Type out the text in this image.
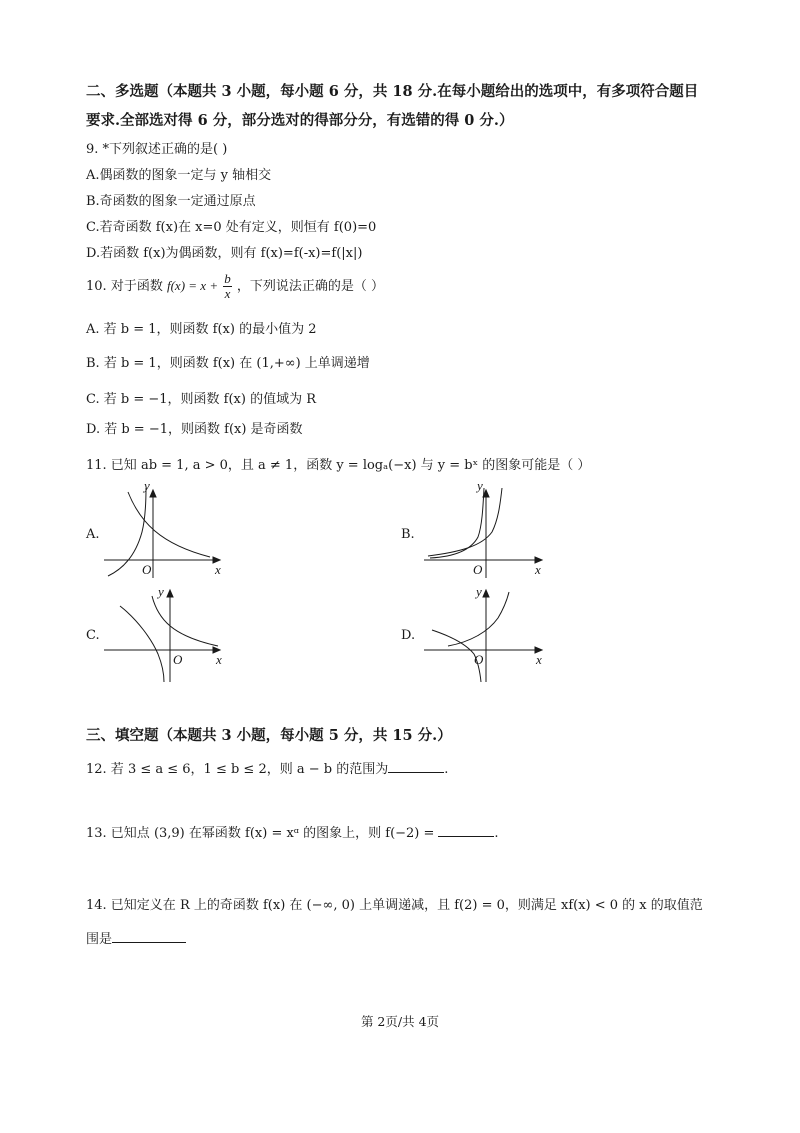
二、多选题（本题共 3 小题，每小题 6 分，共 18 分.在每小题给出的选项中，有多项符合题目
要求.全部选对得 6 分，部分选对的得部分分，有选错的得 0 分.）
9. *下列叙述正确的是( )
A.偶函数的图象一定与 y 轴相交
B.奇函数的图象一定通过原点
C.若奇函数 f(x)在 x=0 处有定义，则恒有 f(0)=0
D.若函数 f(x)为偶函数，则有 f(x)=f(-x)=f(|x|)
10. 对于函数 $f(x) = x + \frac{b}{x}$ ，下列说法正确的是（ ）
A. 若 b = 1，则函数 f(x) 的最小值为 2
B. 若 b = 1，则函数 f(x) 在 (1,+∞) 上单调递增
C. 若 b = −1，则函数 f(x) 的值域为 R
D. 若 b = −1，则函数 f(x) 是奇函数
11. 已知 ab = 1, a > 0，且 a ≠ 1，函数 y = logₐ(−x) 与 y = bˣ 的图象可能是（ ）
A.	B.
C.	D.
y
x
O
y
x
O
y
x
O
y
x
O
三、填空题（本题共 3 小题，每小题 5 分，共 15 分.）
12. 若 3 ≤ a ≤ 6，1 ≤ b ≤ 2，则 a − b 的范围为	.
13. 已知点 (3,9) 在幂函数 f(x) = xᵅ 的图象上，则 f(−2) =	.
14. 已知定义在 R 上的奇函数 f(x) 在 (−∞, 0) 上单调递减，且 f(2) = 0，则满足 xf(x) < 0 的 x 的取值范
围是
第 2页/共 4页
